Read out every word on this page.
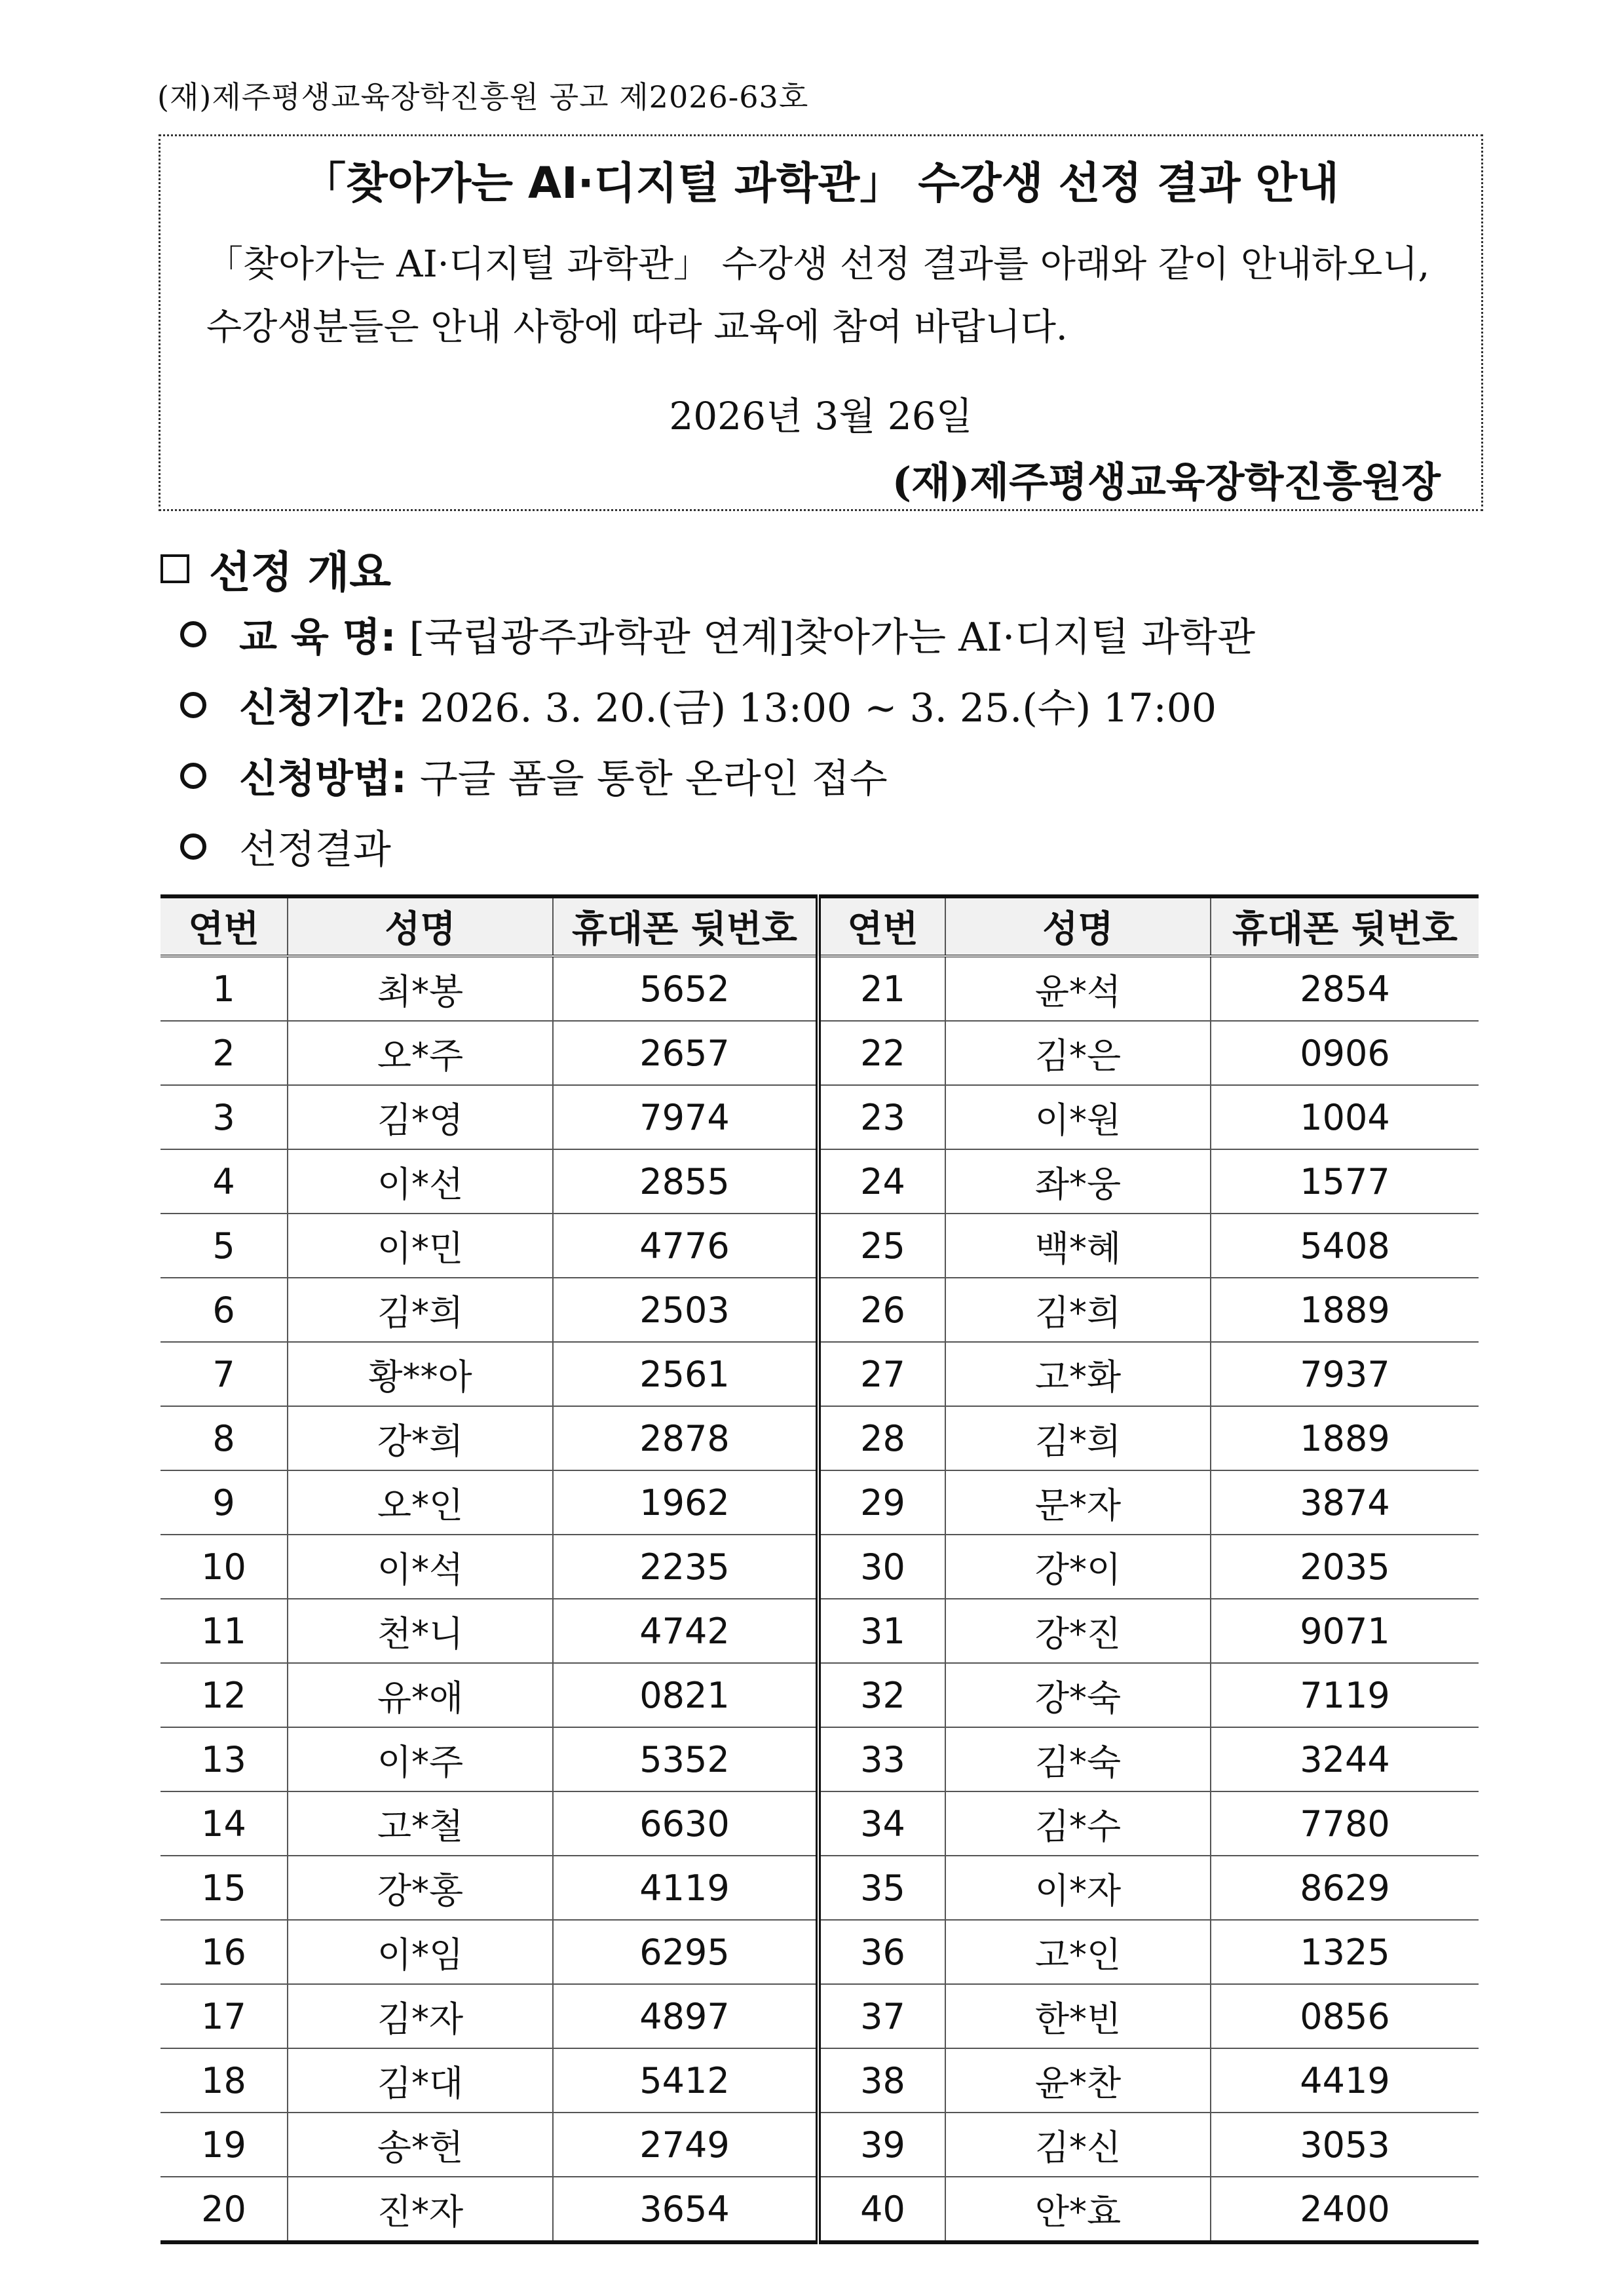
(재)제주평생교육장학진흥원 공고 제2026-63호
「찾아가는 AI·디지털 과학관」 수강생 선정 결과 안내
「찾아가는 AI·디지털 과학관」 수강생 선정 결과를 아래와 같이 안내하오니, 수강생분들은 안내 사항에 따라 교육에 참여 바랍니다.
2026년 3월 26일
(재)제주평생교육장학진흥원장
선정 개요
교 육 명: [국립광주과학관 연계]찾아가는 AI·디지털 과학관
신청기간: 2026. 3. 20.(금) 13:00 ~ 3. 25.(수) 17:00
신청방법: 구글 폼을 통한 온라인 접수
선정결과
연번	성명	휴대폰 뒷번호	연번	성명	휴대폰 뒷번호
1	최*봉	5652	21	윤*석	2854
2	오*주	2657	22	김*은	0906
3	김*영	7974	23	이*원	1004
4	이*선	2855	24	좌*웅	1577
5	이*민	4776	25	백*혜	5408
6	김*희	2503	26	김*희	1889
7	황**아	2561	27	고*화	7937
8	강*희	2878	28	김*희	1889
9	오*인	1962	29	문*자	3874
10	이*석	2235	30	강*이	2035
11	천*니	4742	31	강*진	9071
12	유*애	0821	32	강*숙	7119
13	이*주	5352	33	김*숙	3244
14	고*철	6630	34	김*수	7780
15	강*홍	4119	35	이*자	8629
16	이*임	6295	36	고*인	1325
17	김*자	4897	37	한*빈	0856
18	김*대	5412	38	윤*찬	4419
19	송*헌	2749	39	김*신	3053
20	진*자	3654	40	안*효	2400
